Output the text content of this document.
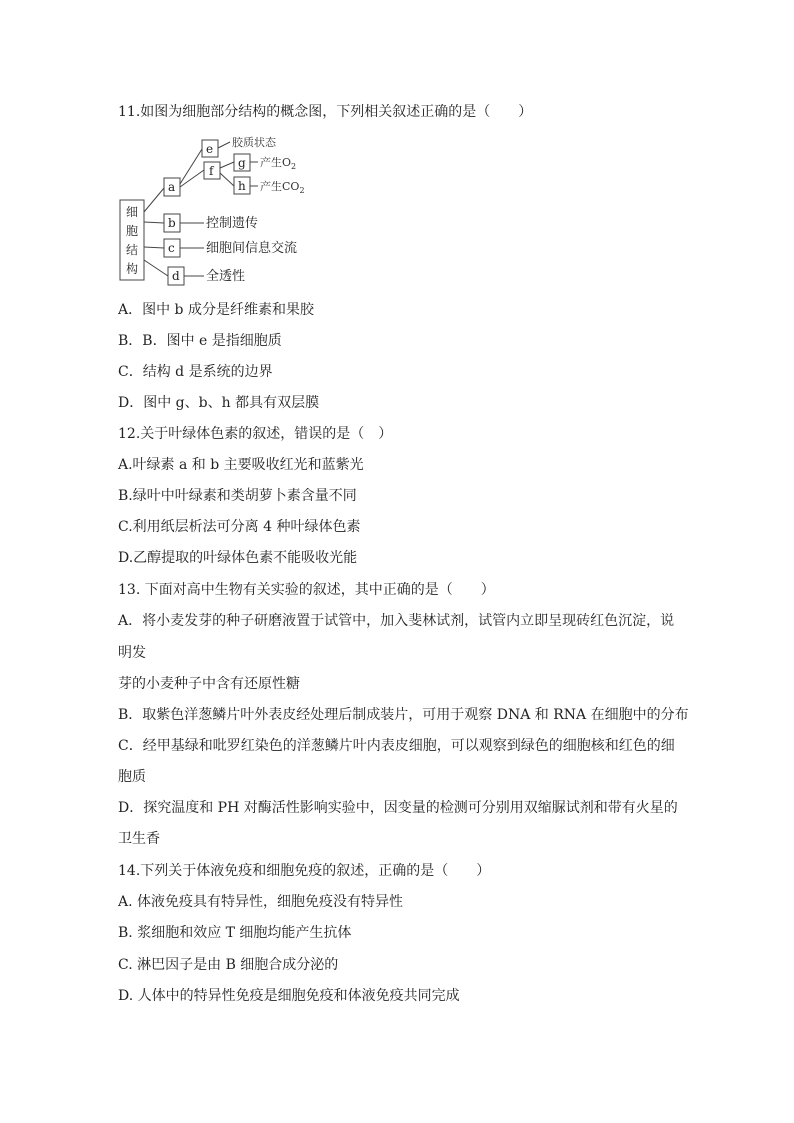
11.如图为细胞部分结构的概念图，下列相关叙述正确的是（　　）
细
胞
结
构
a
b
c
d
e
f
g
h
胶质状态
产生$O_2$
产生$CO_2$
控制遗传
细胞间信息交流
全透性
A．图中 b 成分是纤维素和果胶
B．B．图中 e 是指细胞质
C．结构 d 是系统的边界
D．图中 g、b、h 都具有双层膜
12.关于叶绿体色素的叙述，错误的是（　）
A.叶绿素 a 和 b 主要吸收红光和蓝紫光
B.绿叶中叶绿素和类胡萝卜素含量不同
C.利用纸层析法可分离 4 种叶绿体色素
D.乙醇提取的叶绿体色素不能吸收光能
13. 下面对高中生物有关实验的叙述，其中正确的是（　　）
A．将小麦发芽的种子研磨液置于试管中，加入斐林试剂，试管内立即呈现砖红色沉淀，说
明发
芽的小麦种子中含有还原性糖
B．取紫色洋葱鳞片叶外表皮经处理后制成装片，可用于观察 DNA 和 RNA 在细胞中的分布
C．经甲基绿和吡罗红染色的洋葱鳞片叶内表皮细胞，可以观察到绿色的细胞核和红色的细
胞质
D．探究温度和 PH 对酶活性影响实验中，因变量的检测可分别用双缩脲试剂和带有火星的
卫生香
14.下列关于体液免疫和细胞免疫的叙述，正确的是（　　）
A. 体液免疫具有特异性，细胞免疫没有特异性
B. 浆细胞和效应 T 细胞均能产生抗体
C. 淋巴因子是由 B 细胞合成分泌的
D. 人体中的特异性免疫是细胞免疫和体液免疫共同完成
